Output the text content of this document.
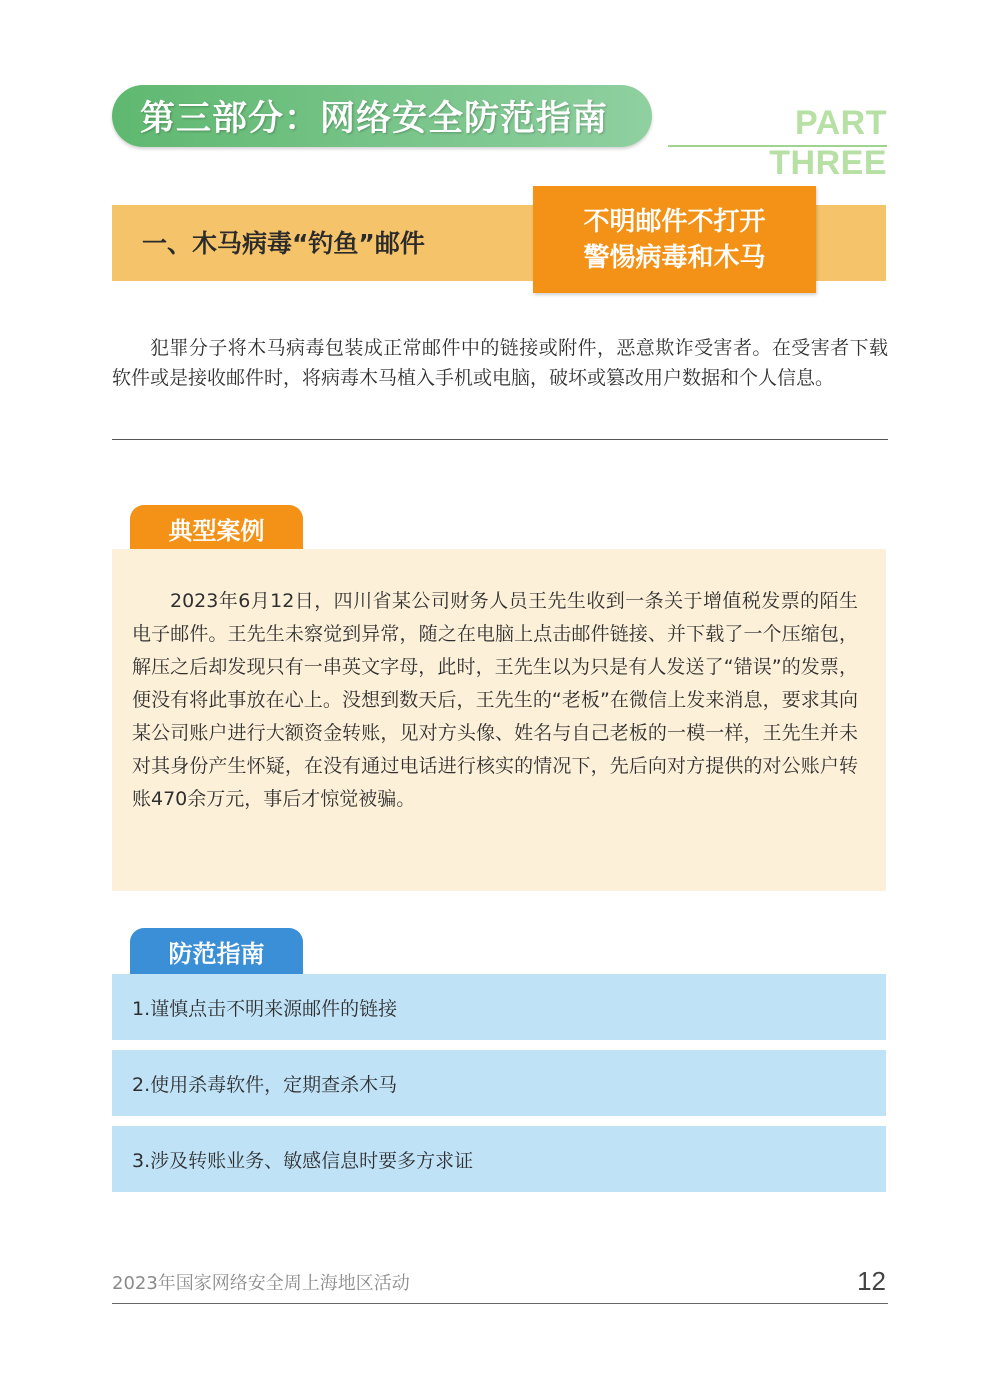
第三部分：网络安全防范指南	PART THREE
一、木马病毒“钓鱼”邮件
不明邮件不打开
警惕病毒和木马

犯罪分子将木马病毒包装成正常邮件中的链接或附件，恶意欺诈受害者。在受害者下载软件或是接收邮件时，将病毒木马植入手机或电脑，破坏或篡改用户数据和个人信息。

典型案例

2023年6月12日，四川省某公司财务人员王先生收到一条关于增值税发票的陌生电子邮件。王先生未察觉到异常，随之在电脑上点击邮件链接、并下载了一个压缩包，解压之后却发现只有一串英文字母，此时，王先生以为只是有人发送了“错误”的发票，便没有将此事放在心上。没想到数天后，王先生的“老板”在微信上发来消息，要求其向某公司账户进行大额资金转账，见对方头像、姓名与自己老板的一模一样，王先生并未对其身份产生怀疑，在没有通过电话进行核实的情况下，先后向对方提供的对公账户转账470余万元，事后才惊觉被骗。

防范指南
1.谨慎点击不明来源邮件的链接
2.使用杀毒软件，定期查杀木马
3.涉及转账业务、敏感信息时要多方求证
2023年国家网络安全周上海地区活动	12
